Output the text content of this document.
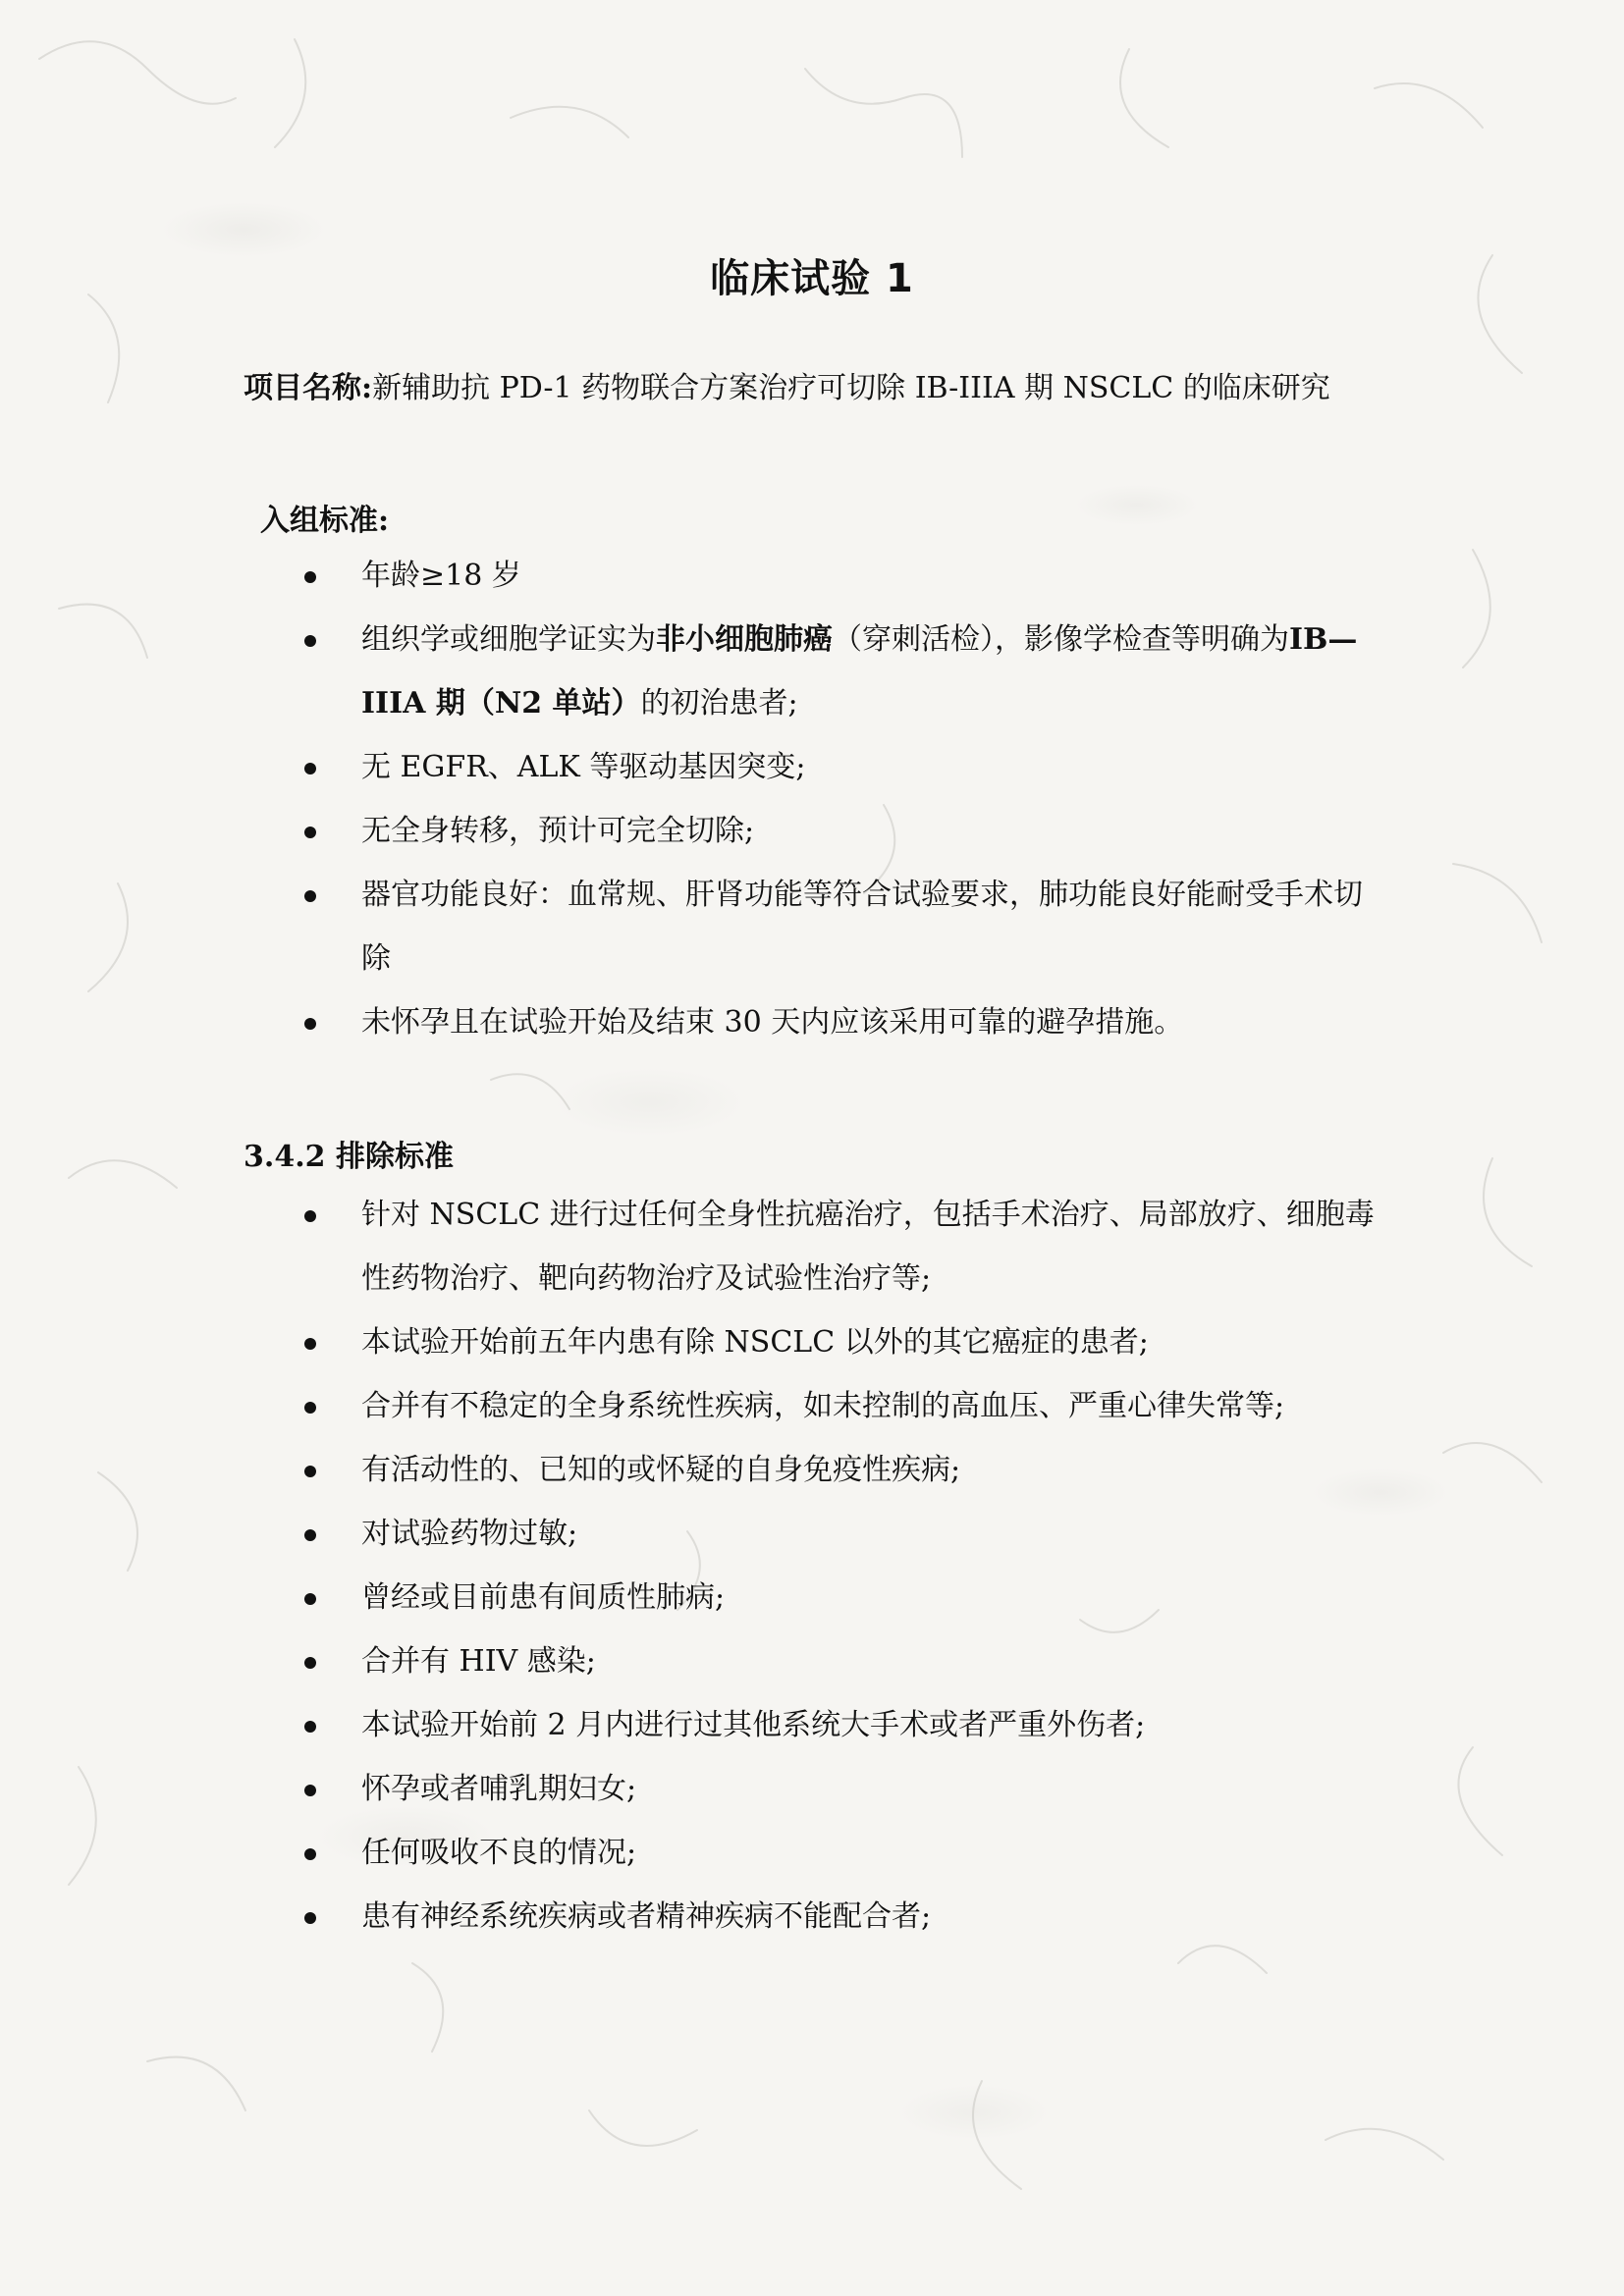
临床试验 1
项目名称:新辅助抗 PD-1 药物联合方案治疗可切除 IB-IIIA 期 NSCLC 的临床研究
入组标准:
年龄≥18 岁
组织学或细胞学证实为非小细胞肺癌（穿刺活检），影像学检查等明确为IB—IIIA 期（N2 单站）的初治患者;
无 EGFR、ALK 等驱动基因突变;
无全身转移，预计可完全切除;
器官功能良好：血常规、肝肾功能等符合试验要求，肺功能良好能耐受手术切除
未怀孕且在试验开始及结束 30 天内应该采用可靠的避孕措施。
3.4.2 排除标准
针对 NSCLC 进行过任何全身性抗癌治疗，包括手术治疗、局部放疗、细胞毒性药物治疗、靶向药物治疗及试验性治疗等;
本试验开始前五年内患有除 NSCLC 以外的其它癌症的患者;
合并有不稳定的全身系统性疾病，如未控制的高血压、严重心律失常等;
有活动性的、已知的或怀疑的自身免疫性疾病;
对试验药物过敏;
曾经或目前患有间质性肺病;
合并有 HIV 感染;
本试验开始前 2 月内进行过其他系统大手术或者严重外伤者;
怀孕或者哺乳期妇女;
任何吸收不良的情况;
患有神经系统疾病或者精神疾病不能配合者;
